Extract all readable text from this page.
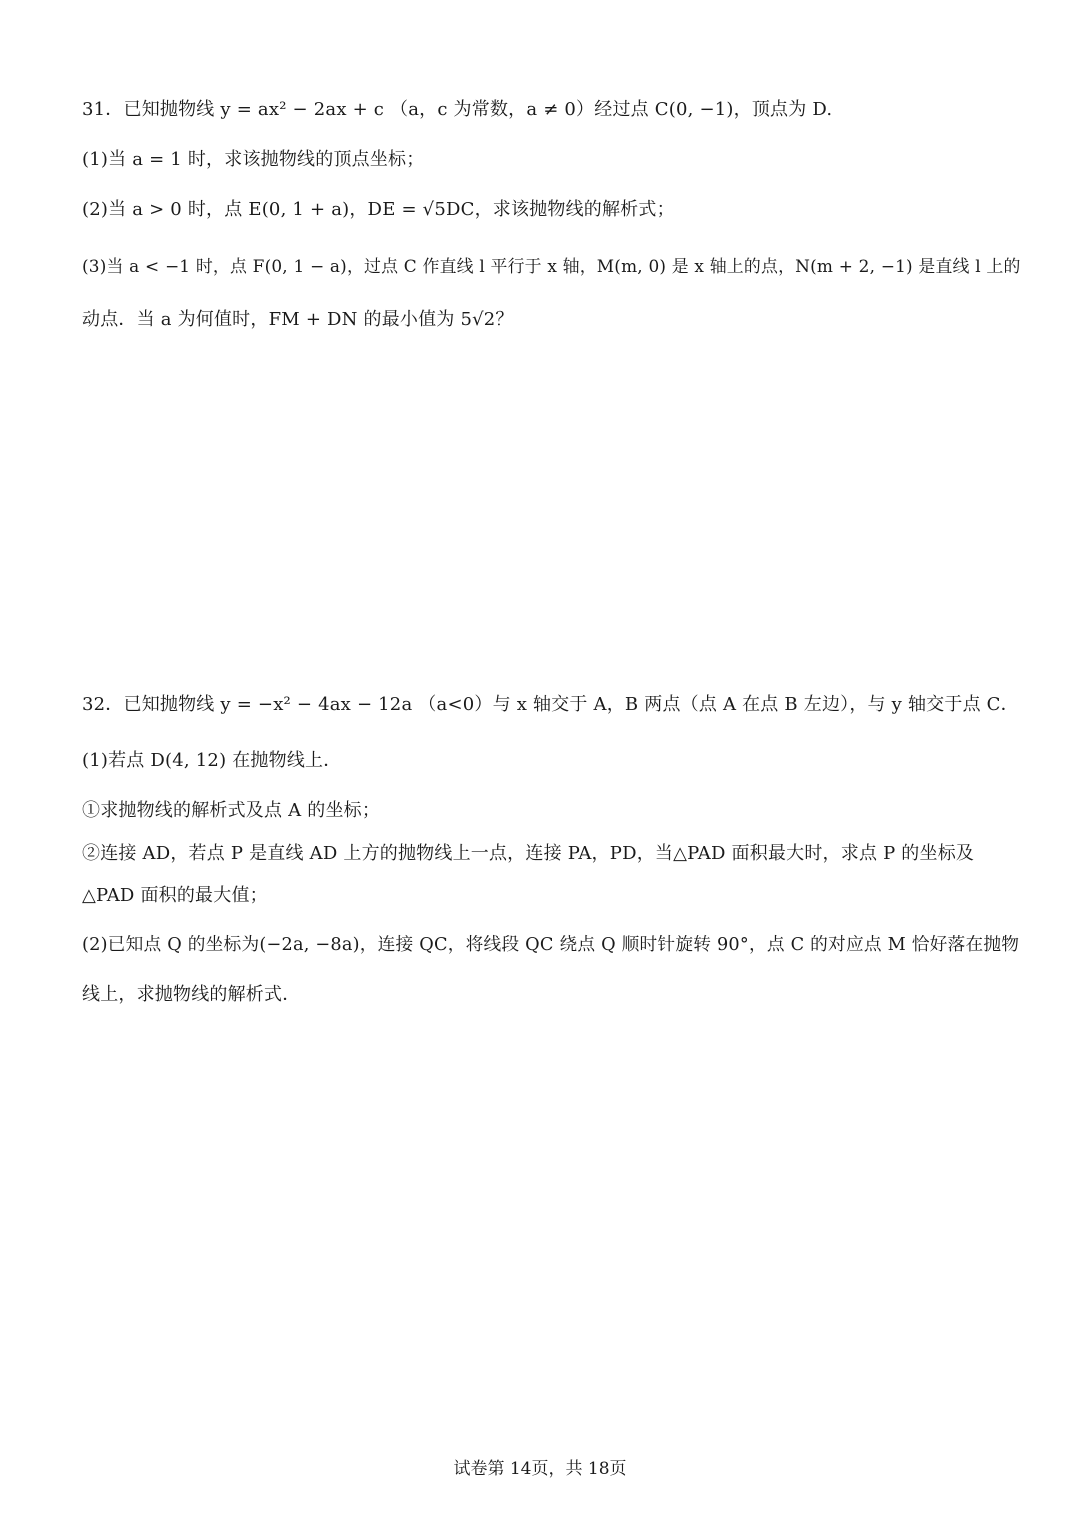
31．已知抛物线 y = ax² − 2ax + c （a，c 为常数，a ≠ 0）经过点 C(0, −1)，顶点为 D.
(1)当 a = 1 时，求该抛物线的顶点坐标；
(2)当 a > 0 时，点 E(0, 1 + a)，DE = √5DC，求该抛物线的解析式；
(3)当 a < −1 时，点 F(0, 1 − a)，过点 C 作直线 l 平行于 x 轴，M(m, 0) 是 x 轴上的点，N(m + 2, −1) 是直线 l 上的
动点．当 a 为何值时，FM + DN 的最小值为 5√2？
32．已知抛物线 y = −x² − 4ax − 12a （a<0）与 x 轴交于 A，B 两点（点 A 在点 B 左边），与 y 轴交于点 C．
(1)若点 D(4, 12) 在抛物线上．
①求抛物线的解析式及点 A 的坐标；
②连接 AD，若点 P 是直线 AD 上方的抛物线上一点，连接 PA，PD，当△PAD 面积最大时，求点 P 的坐标及
△PAD 面积的最大值；
(2)已知点 Q 的坐标为(−2a, −8a)，连接 QC，将线段 QC 绕点 Q 顺时针旋转 90°，点 C 的对应点 M 恰好落在抛物
线上，求抛物线的解析式．
试卷第 14页，共 18页
